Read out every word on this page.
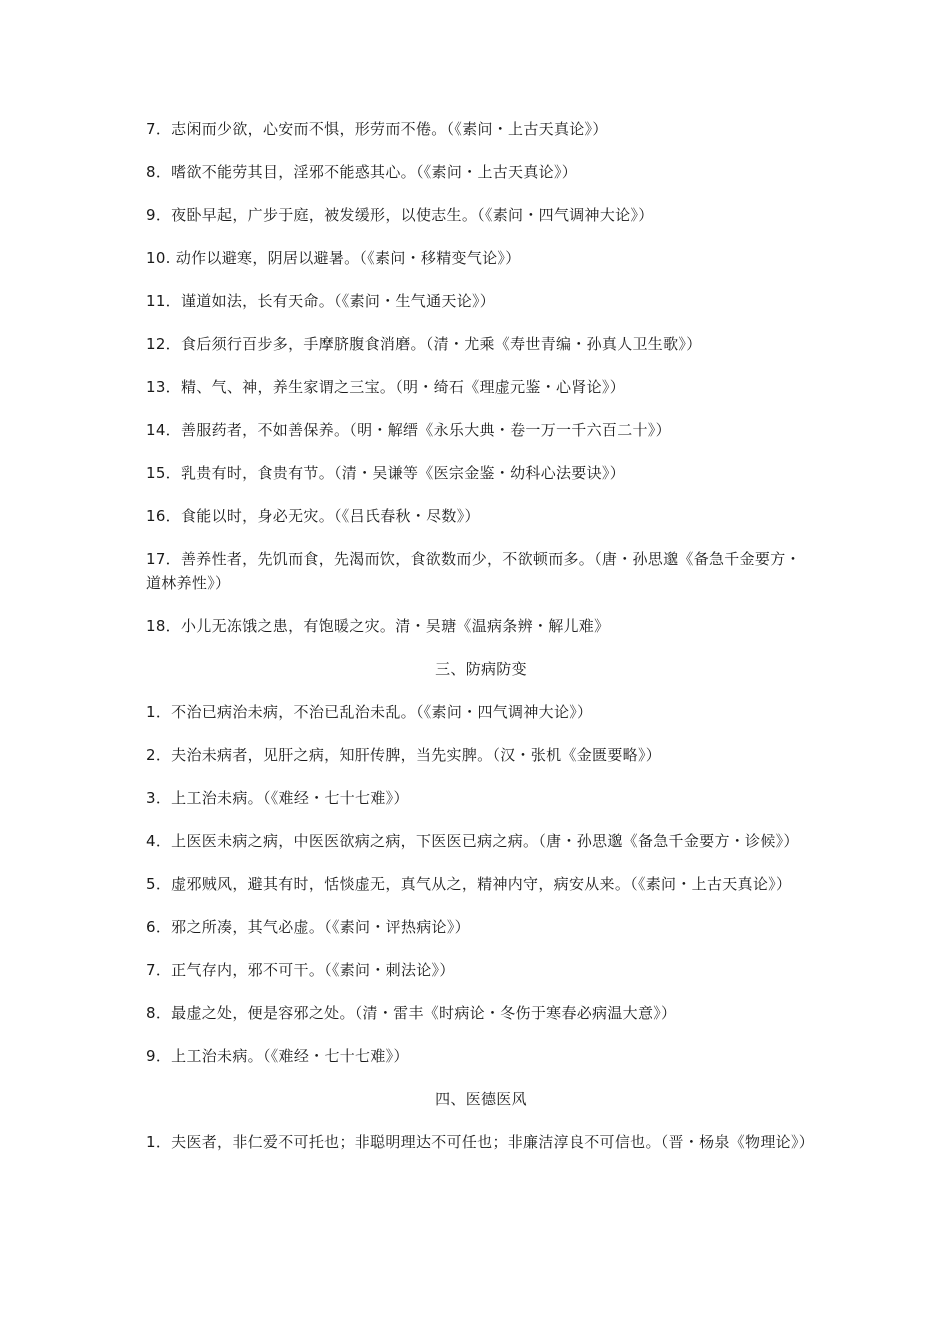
7．志闲而少欲，心安而不惧，形劳而不倦。（《素问・上古天真论》）

8．嗜欲不能劳其目，淫邪不能惑其心。（《素问・上古天真论》）

9．夜卧早起，广步于庭，被发缓形，以使志生。（《素问・四气调神大论》）

10. 动作以避寒，阴居以避暑。（《素问・移精变气论》）

11．谨道如法，长有天命。（《素问・生气通天论》）

12．食后须行百步多，手摩脐腹食消磨。（清・尤乘《寿世青编・孙真人卫生歌》）

13．精、气、神，养生家谓之三宝。（明・绮石《理虚元鉴・心肾论》）

14．善服药者，不如善保养。（明・解缙《永乐大典・卷一万一千六百二十》）

15．乳贵有时，食贵有节。（清・吴谦等《医宗金鉴・幼科心法要诀》）

16．食能以时，身必无灾。（《吕氏春秋・尽数》）

17．善养性者，先饥而食，先渴而饮，食欲数而少，不欲顿而多。（唐・孙思邈《备急千金要方・道林养性》）

18．小儿无冻饿之患，有饱暖之灾。清・吴瑭《温病条辨・解儿难》

三、防病防变

1．不治已病治未病，不治已乱治未乱。（《素问・四气调神大论》）

2．夫治未病者，见肝之病，知肝传脾，当先实脾。（汉・张机《金匮要略》）

3．上工治未病。（《难经・七十七难》）

4．上医医未病之病，中医医欲病之病，下医医已病之病。（唐・孙思邈《备急千金要方・诊候》）

5．虚邪贼风，避其有时，恬惔虚无，真气从之，精神内守，病安从来。（《素问・上古天真论》）

6．邪之所凑，其气必虚。（《素问・评热病论》）

7．正气存内，邪不可干。（《素问・刺法论》）

8．最虚之处，便是容邪之处。（清・雷丰《时病论・冬伤于寒春必病温大意》）

9．上工治未病。（《难经・七十七难》）

四、医德医风

1．夫医者，非仁爱不可托也；非聪明理达不可任也；非廉洁淳良不可信也。（晋・杨泉《物理论》）
